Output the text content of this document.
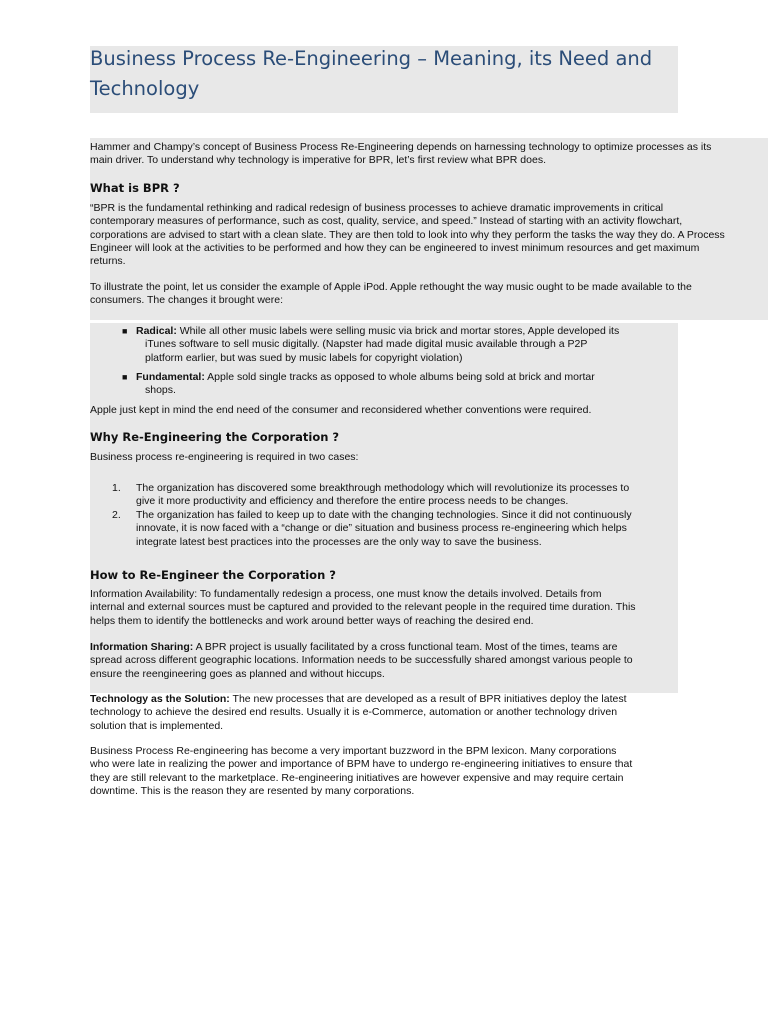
Business Process Re-Engineering – Meaning, its Need and
Technology

Hammer and Champy’s concept of Business Process Re-Engineering depends on harnessing technology to optimize processes as its
main driver. To understand why technology is imperative for BPR, let’s first review what BPR does.

What is BPR ?

“BPR is the fundamental rethinking and radical redesign of business processes to achieve dramatic improvements in critical
contemporary measures of performance, such as cost, quality, service, and speed.” Instead of starting with an activity flowchart,
corporations are advised to start with a clean slate. They are then told to look into why they perform the tasks the way they do. A Process
Engineer will look at the activities to be performed and how they can be engineered to invest minimum resources and get maximum
returns.

To illustrate the point, let us consider the example of Apple iPod. Apple rethought the way music ought to be made available to the
consumers. The changes it brought were:

■ Radical: While all other music labels were selling music via brick and mortar stores, Apple developed its
iTunes software to sell music digitally. (Napster had made digital music available through a P2P
platform earlier, but was sued by music labels for copyright violation)

■ Fundamental: Apple sold single tracks as opposed to whole albums being sold at brick and mortar
shops.

Apple just kept in mind the end need of the consumer and reconsidered whether conventions were required.

Why Re-Engineering the Corporation ?

Business process re-engineering is required in two cases:

1. The organization has discovered some breakthrough methodology which will revolutionize its processes to
give it more productivity and efficiency and therefore the entire process needs to be changes.

2. The organization has failed to keep up to date with the changing technologies. Since it did not continuously
innovate, it is now faced with a “change or die” situation and business process re-engineering which helps
integrate latest best practices into the processes are the only way to save the business.

How to Re-Engineer the Corporation ?

Information Availability: To fundamentally redesign a process, one must know the details involved. Details from
internal and external sources must be captured and provided to the relevant people in the required time duration. This
helps them to identify the bottlenecks and work around better ways of reaching the desired end.

Information Sharing: A BPR project is usually facilitated by a cross functional team. Most of the times, teams are
spread across different geographic locations. Information needs to be successfully shared amongst various people to
ensure the reengineering goes as planned and without hiccups.

Technology as the Solution: The new processes that are developed as a result of BPR initiatives deploy the latest
technology to achieve the desired end results. Usually it is e-Commerce, automation or another technology driven
solution that is implemented.

Business Process Re-engineering has become a very important buzzword in the BPM lexicon. Many corporations
who were late in realizing the power and importance of BPM have to undergo re-engineering initiatives to ensure that
they are still relevant to the marketplace. Re-engineering initiatives are however expensive and may require certain
downtime. This is the reason they are resented by many corporations.
